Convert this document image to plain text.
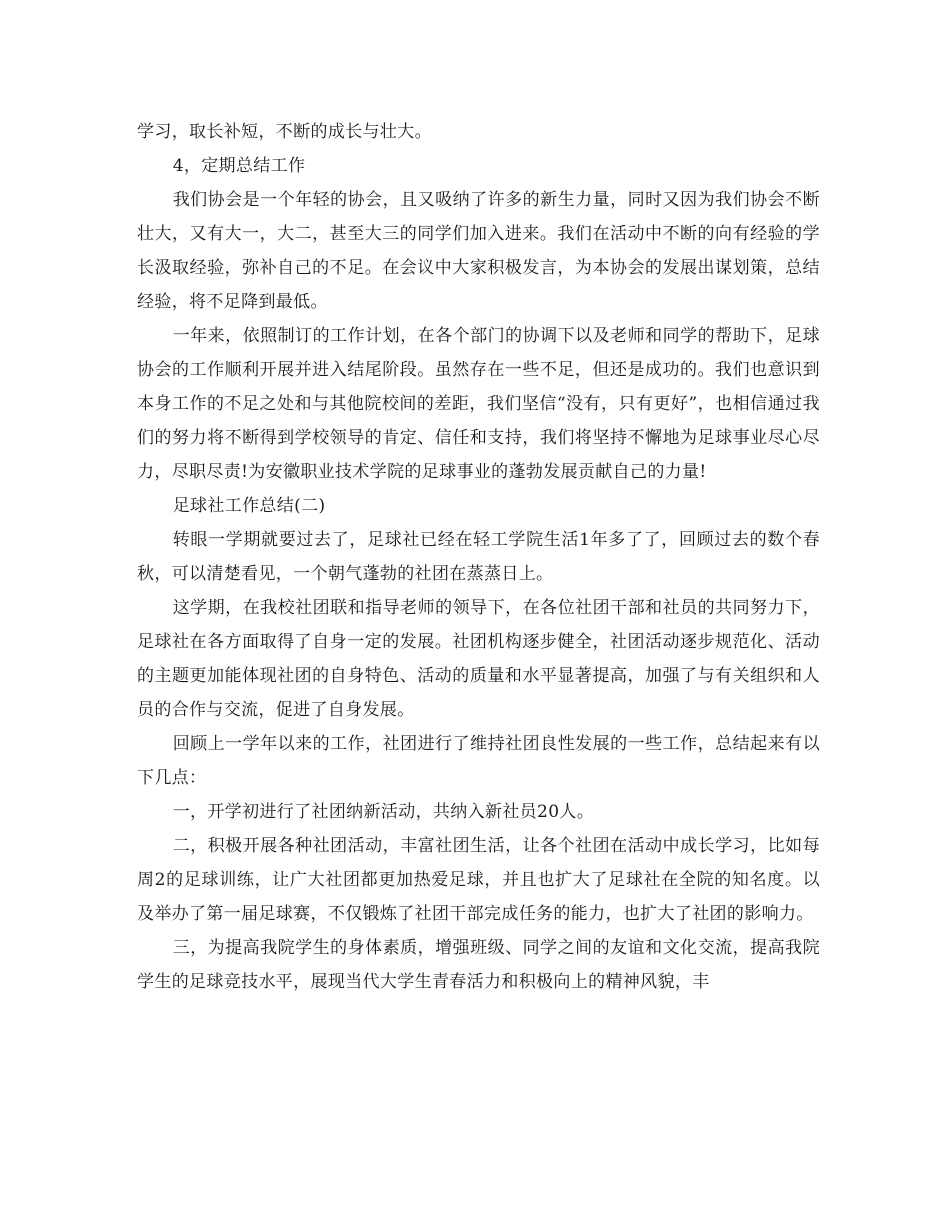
学习，取长补短，不断的成长与壮大。

4，定期总结工作

我们协会是一个年轻的协会，且又吸纳了许多的新生力量，同时又因为我们协会不断壮大，又有大一，大二，甚至大三的同学们加入进来。我们在活动中不断的向有经验的学长汲取经验，弥补自己的不足。在会议中大家积极发言，为本协会的发展出谋划策，总结经验，将不足降到最低。

一年来，依照制订的工作计划，在各个部门的协调下以及老师和同学的帮助下，足球协会的工作顺利开展并进入结尾阶段。虽然存在一些不足，但还是成功的。我们也意识到本身工作的不足之处和与其他院校间的差距，我们坚信“没有，只有更好”，也相信通过我们的努力将不断得到学校领导的肯定、信任和支持，我们将坚持不懈地为足球事业尽心尽力，尽职尽责!为安徽职业技术学院的足球事业的蓬勃发展贡献自己的力量!

足球社工作总结(二)

转眼一学期就要过去了，足球社已经在轻工学院生活1年多了了，回顾过去的数个春秋，可以清楚看见，一个朝气蓬勃的社团在蒸蒸日上。

这学期，在我校社团联和指导老师的领导下，在各位社团干部和社员的共同努力下，足球社在各方面取得了自身一定的发展。社团机构逐步健全，社团活动逐步规范化、活动的主题更加能体现社团的自身特色、活动的质量和水平显著提高，加强了与有关组织和人员的合作与交流，促进了自身发展。

回顾上一学年以来的工作，社团进行了维持社团良性发展的一些工作，总结起来有以下几点：

一，开学初进行了社团纳新活动，共纳入新社员20人。

二，积极开展各种社团活动，丰富社团生活，让各个社团在活动中成长学习，比如每周2的足球训练，让广大社团都更加热爱足球，并且也扩大了足球社在全院的知名度。以及举办了第一届足球赛，不仅锻炼了社团干部完成任务的能力，也扩大了社团的影响力。

三，为提高我院学生的身体素质，增强班级、同学之间的友谊和文化交流，提高我院学生的足球竞技水平，展现当代大学生青春活力和积极向上的精神风貌，丰
